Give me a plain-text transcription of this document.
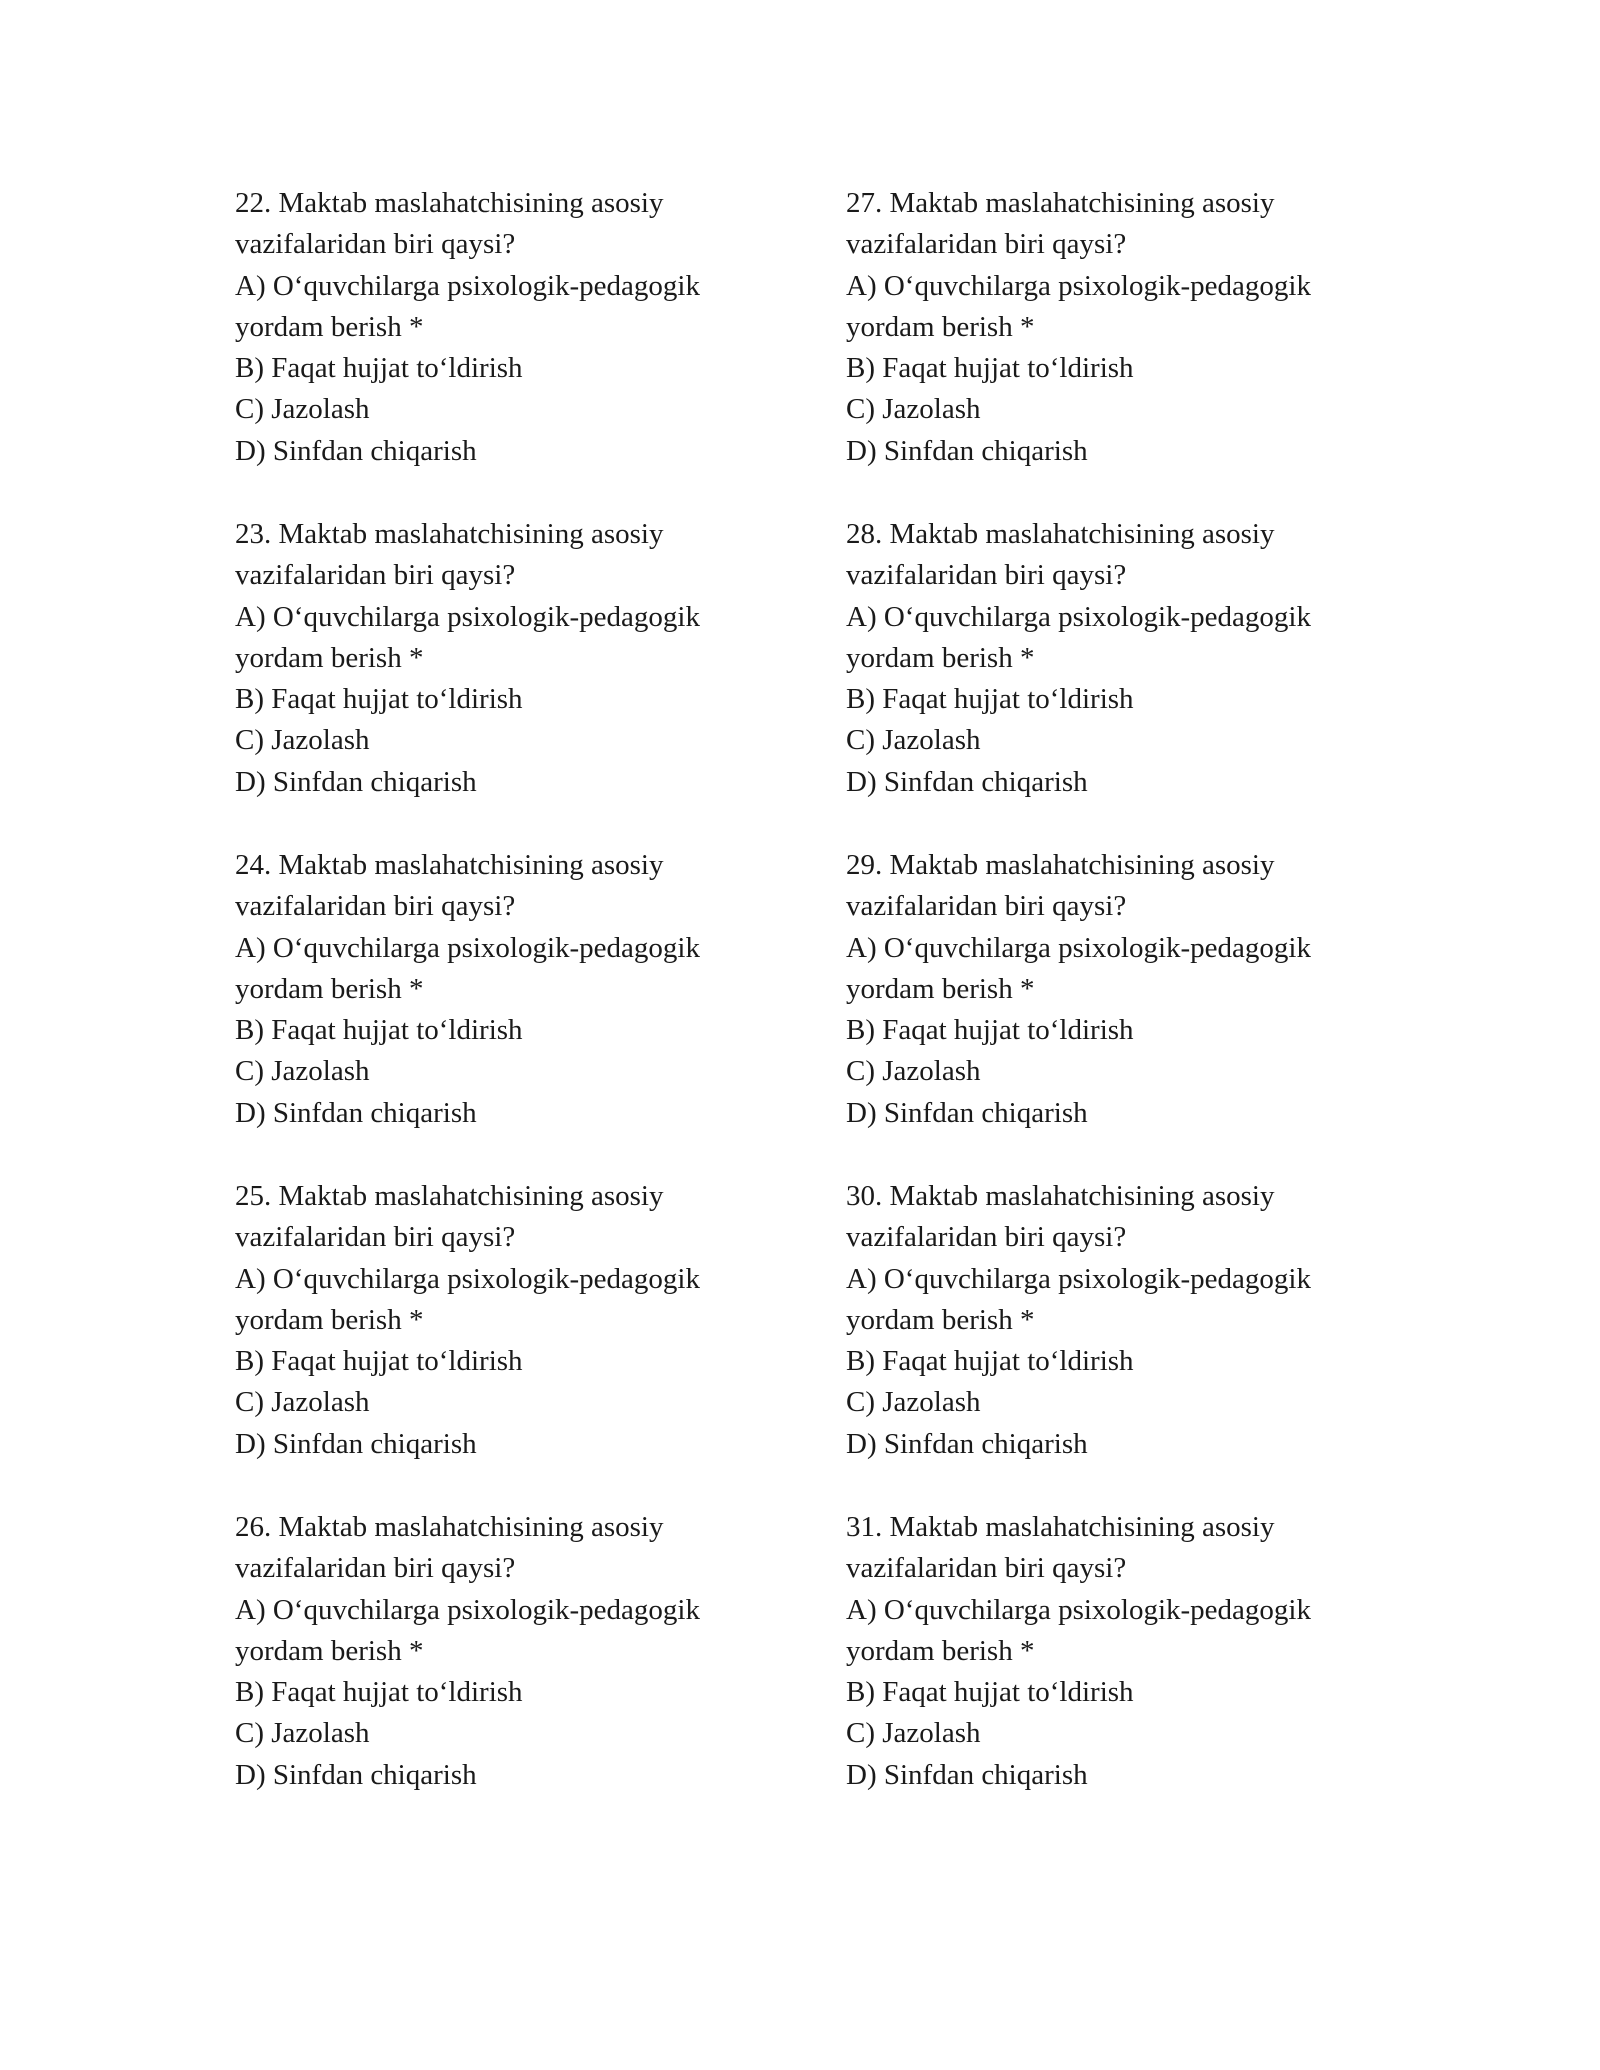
22. Maktab maslahatchisining asosiy
vazifalaridan biri qaysi?
A) O‘quvchilarga psixologik-pedagogik
yordam berish *
B) Faqat hujjat to‘ldirish
C) Jazolash
D) Sinfdan chiqarish
23. Maktab maslahatchisining asosiy
vazifalaridan biri qaysi?
A) O‘quvchilarga psixologik-pedagogik
yordam berish *
B) Faqat hujjat to‘ldirish
C) Jazolash
D) Sinfdan chiqarish
24. Maktab maslahatchisining asosiy
vazifalaridan biri qaysi?
A) O‘quvchilarga psixologik-pedagogik
yordam berish *
B) Faqat hujjat to‘ldirish
C) Jazolash
D) Sinfdan chiqarish
25. Maktab maslahatchisining asosiy
vazifalaridan biri qaysi?
A) O‘quvchilarga psixologik-pedagogik
yordam berish *
B) Faqat hujjat to‘ldirish
C) Jazolash
D) Sinfdan chiqarish
26. Maktab maslahatchisining asosiy
vazifalaridan biri qaysi?
A) O‘quvchilarga psixologik-pedagogik
yordam berish *
B) Faqat hujjat to‘ldirish
C) Jazolash
D) Sinfdan chiqarish
27. Maktab maslahatchisining asosiy
vazifalaridan biri qaysi?
A) O‘quvchilarga psixologik-pedagogik
yordam berish *
B) Faqat hujjat to‘ldirish
C) Jazolash
D) Sinfdan chiqarish
28. Maktab maslahatchisining asosiy
vazifalaridan biri qaysi?
A) O‘quvchilarga psixologik-pedagogik
yordam berish *
B) Faqat hujjat to‘ldirish
C) Jazolash
D) Sinfdan chiqarish
29. Maktab maslahatchisining asosiy
vazifalaridan biri qaysi?
A) O‘quvchilarga psixologik-pedagogik
yordam berish *
B) Faqat hujjat to‘ldirish
C) Jazolash
D) Sinfdan chiqarish
30. Maktab maslahatchisining asosiy
vazifalaridan biri qaysi?
A) O‘quvchilarga psixologik-pedagogik
yordam berish *
B) Faqat hujjat to‘ldirish
C) Jazolash
D) Sinfdan chiqarish
31. Maktab maslahatchisining asosiy
vazifalaridan biri qaysi?
A) O‘quvchilarga psixologik-pedagogik
yordam berish *
B) Faqat hujjat to‘ldirish
C) Jazolash
D) Sinfdan chiqarish
